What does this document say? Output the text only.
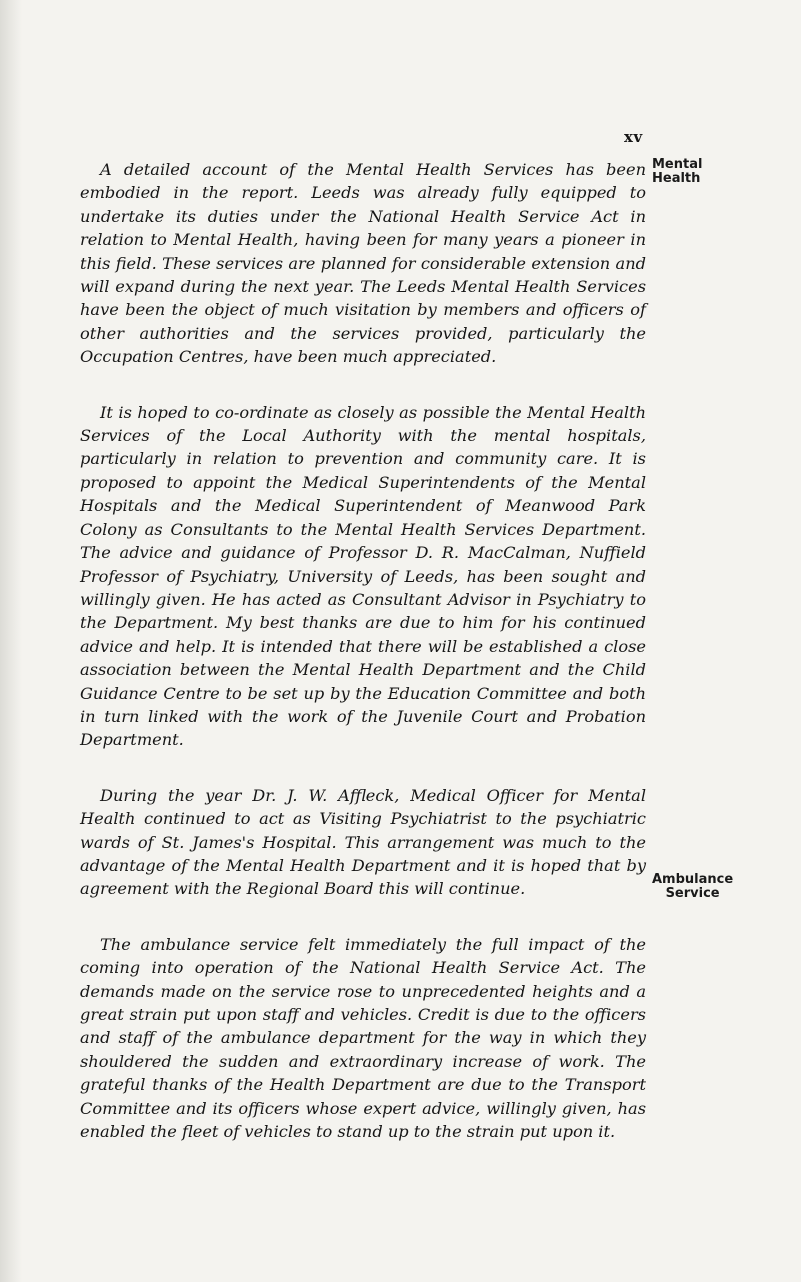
xv
Mental
Health
Ambulance
Service

A detailed account of the Mental Health Services has been embodied in the report. Leeds was already fully equipped to undertake its duties under the National Health Service Act in relation to Mental Health, having been for many years a pioneer in this field. These services are planned for considerable extension and will expand during the next year. The Leeds Mental Health Services have been the object of much visitation by members and officers of other authorities and the services provided, particularly the Occupation Centres, have been much appreciated.

It is hoped to co-ordinate as closely as possible the Mental Health Services of the Local Authority with the mental hospitals, particularly in relation to prevention and community care. It is proposed to appoint the Medical Superintendents of the Mental Hospitals and the Medical Superintendent of Meanwood Park Colony as Consultants to the Mental Health Services Department. The advice and guidance of Professor D. R. MacCalman, Nuffield Professor of Psychiatry, University of Leeds, has been sought and willingly given. He has acted as Consultant Advisor in Psychiatry to the Department. My best thanks are due to him for his continued advice and help. It is intended that there will be established a close association between the Mental Health Department and the Child Guidance Centre to be set up by the Education Committee and both in turn linked with the work of the Juvenile Court and Probation Department.

During the year Dr. J. W. Affleck, Medical Officer for Mental Health continued to act as Visiting Psychiatrist to the psychiatric wards of St. James's Hospital. This arrangement was much to the advantage of the Mental Health Department and it is hoped that by agreement with the Regional Board this will continue.

The ambulance service felt immediately the full impact of the coming into operation of the National Health Service Act. The demands made on the service rose to unprecedented heights and a great strain put upon staff and vehicles. Credit is due to the officers and staff of the ambulance department for the way in which they shouldered the sudden and extraordinary increase of work. The grateful thanks of the Health Department are due to the Transport Committee and its officers whose expert advice, willingly given, has enabled the fleet of vehicles to stand up to the strain put upon it.
